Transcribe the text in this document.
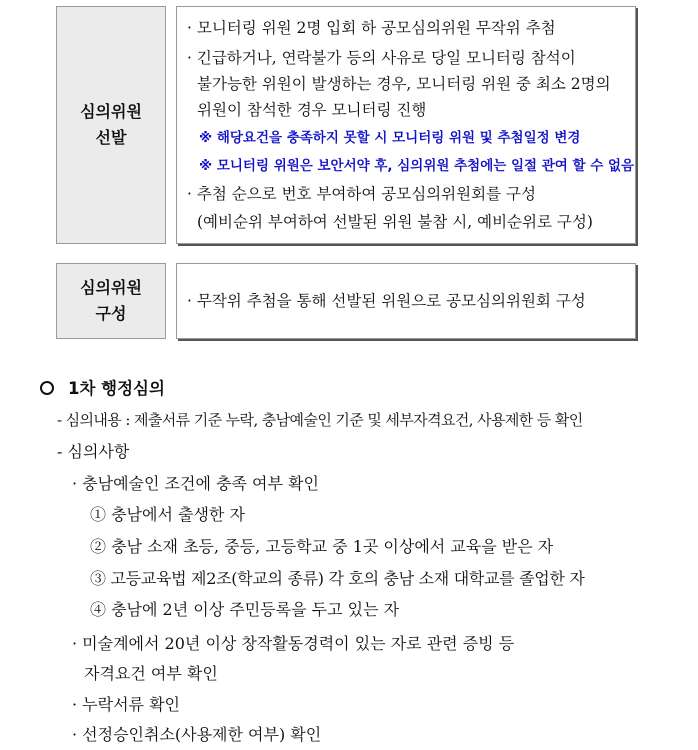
심의위원
선발
· 모니터링 위원 2명 입회 하 공모심의위원 무작위 추첨
· 긴급하거나, 연락불가 등의 사유로 당일 모니터링 참석이
불가능한 위원이 발생하는 경우, 모니터링 위원 중 최소 2명의
위원이 참석한 경우 모니터링 진행
※ 해당요건을 충족하지 못할 시 모니터링 위원 및 추첨일정 변경
※ 모니터링 위원은 보안서약 후, 심의위원 추첨에는 일절 관여 할 수 없음
· 추첨 순으로 번호 부여하여 공모심의위원회를 구성
(예비순위 부여하여 선발된 위원 불참 시, 예비순위로 구성)
심의위원
구성
· 무작위 추첨을 통해 선발된 위원으로 공모심의위원회 구성
1차 행정심의
- 심의내용 : 제출서류 기준 누락, 충남예술인 기준 및 세부자격요건, 사용제한 등 확인
- 심의사항
· 충남예술인 조건에 충족 여부 확인
① 충남에서 출생한 자
② 충남 소재 초등, 중등, 고등학교 중 1곳 이상에서 교육을 받은 자
③ 고등교육법 제2조(학교의 종류) 각 호의 충남 소재 대학교를 졸업한 자
④ 충남에 2년 이상 주민등록을 두고 있는 자
· 미술계에서 20년 이상 창작활동경력이 있는 자로 관련 증빙 등
자격요건 여부 확인
· 누락서류 확인
· 선정승인취소(사용제한 여부) 확인
